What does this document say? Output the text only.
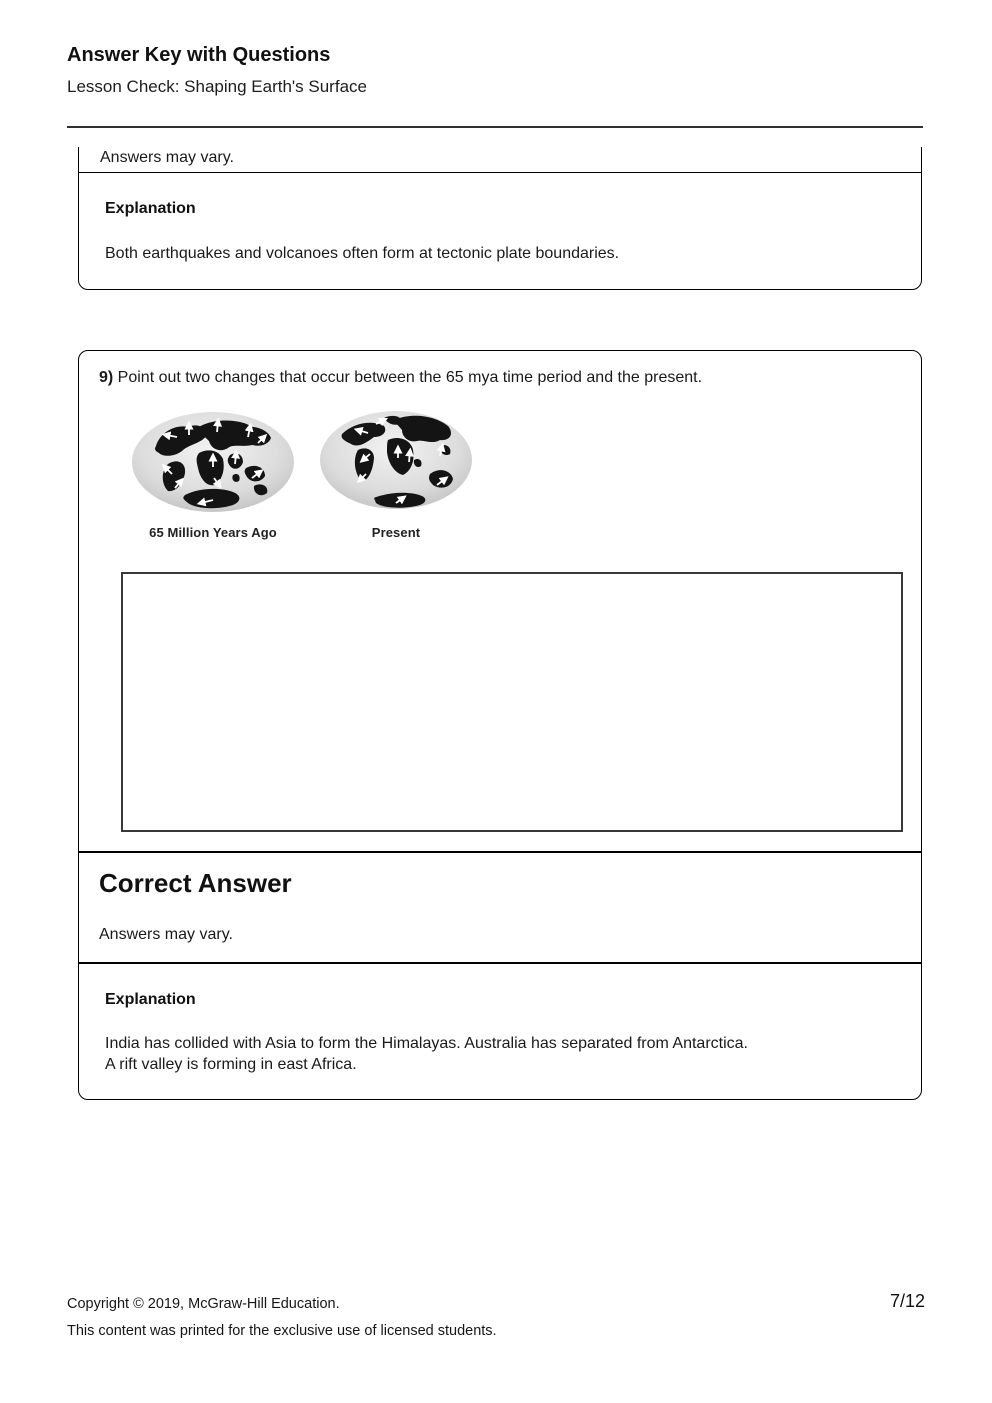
Answer Key with Questions
Lesson Check: Shaping Earth's Surface
Answers may vary.
Explanation
Both earthquakes and volcanoes often form at tectonic plate boundaries.
9) Point out two changes that occur between the 65 mya time period and the present.
65 Million Years Ago	Present
Correct Answer
Answers may vary.
Explanation
India has collided with Asia to form the Himalayas. Australia has separated from Antarctica.
A rift valley is forming in east Africa.
Copyright © 2019, McGraw-Hill Education.
This content was printed for the exclusive use of licensed students.
7/12
